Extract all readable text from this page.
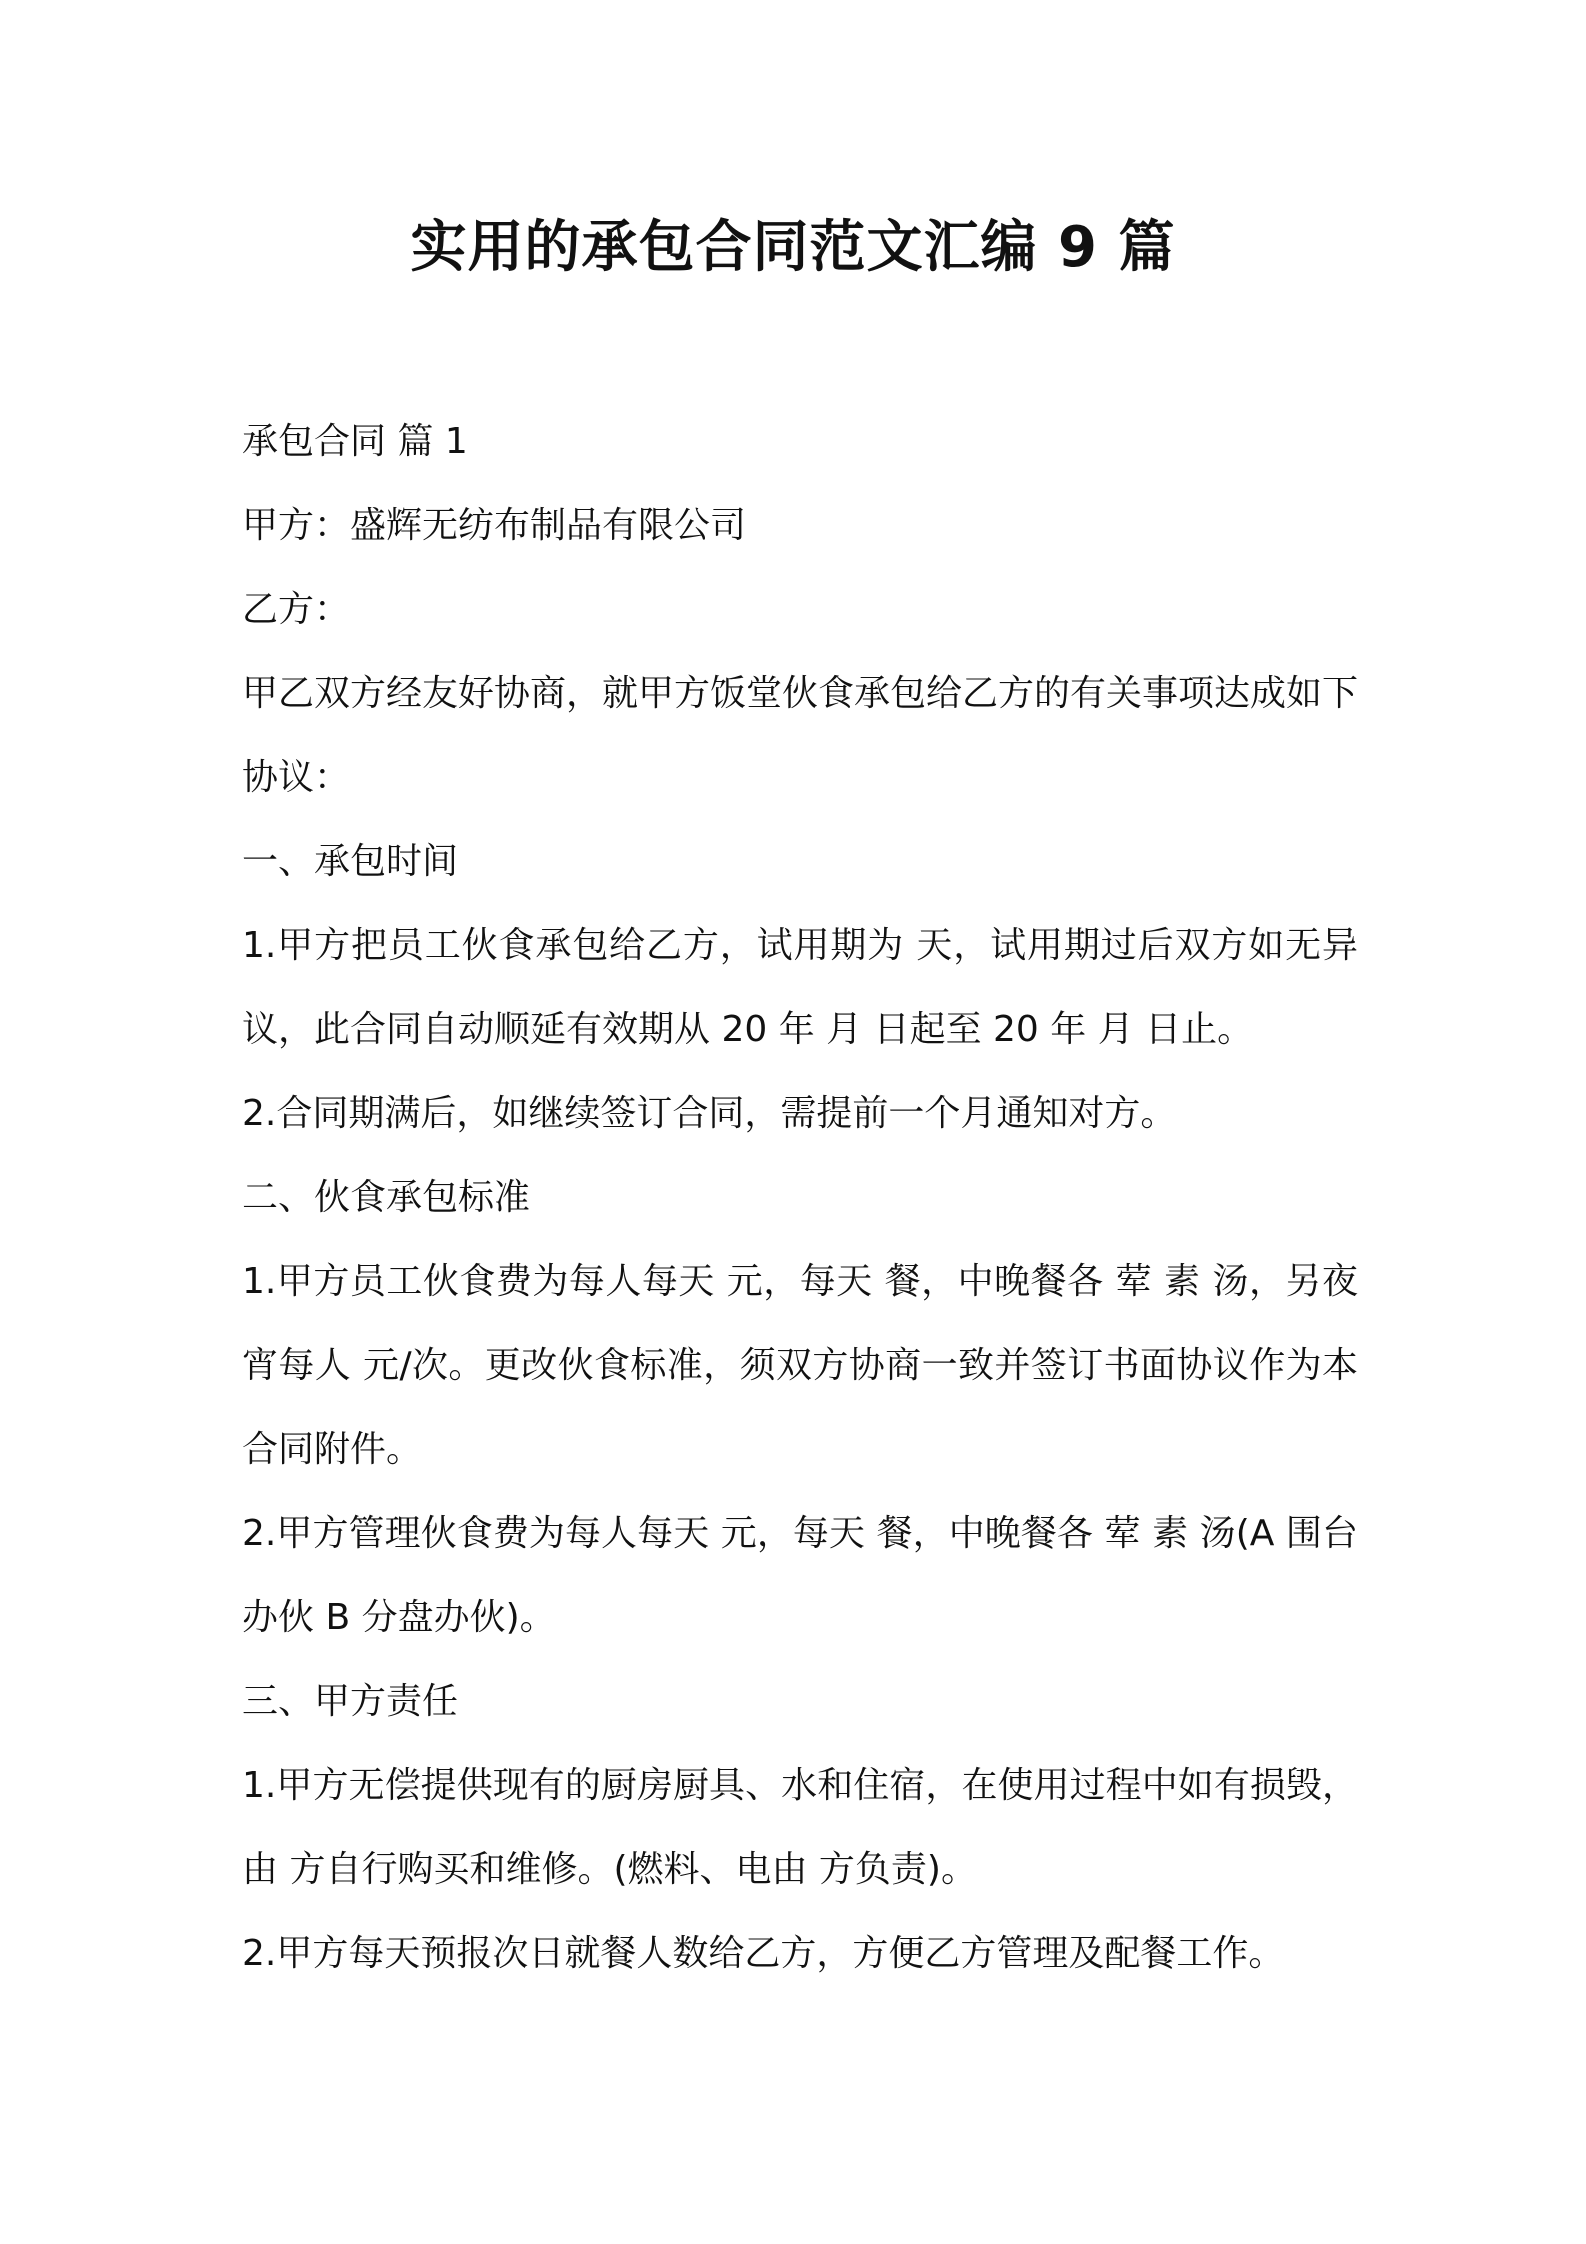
实用的承包合同范文汇编 9 篇

承包合同 篇 1

甲方：盛辉无纺布制品有限公司

乙方：

甲乙双方经友好协商，就甲方饭堂伙食承包给乙方的有关事项达成如下协议：

一、承包时间

1.甲方把员工伙食承包给乙方，试用期为 天，试用期过后双方如无异议，此合同自动顺延有效期从 20 年 月 日起至 20 年 月 日止。

2.合同期满后，如继续签订合同，需提前一个月通知对方。

二、伙食承包标准

1.甲方员工伙食费为每人每天 元，每天 餐，中晚餐各 荤 素 汤，另夜宵每人 元/次。更改伙食标准，须双方协商一致并签订书面协议作为本合同附件。

2.甲方管理伙食费为每人每天 元，每天 餐，中晚餐各 荤 素 汤(A 围台办伙 B 分盘办伙)。

三、甲方责任

1.甲方无偿提供现有的厨房厨具、水和住宿，在使用过程中如有损毁，由 方自行购买和维修。(燃料、电由 方负责)。

2.甲方每天预报次日就餐人数给乙方，方便乙方管理及配餐工作。
